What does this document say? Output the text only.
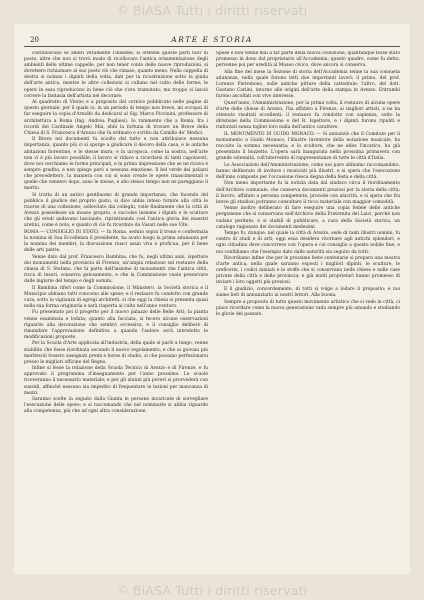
© BiASA Tutti i diritti riservati
20	ARTE E STORIA

costituiscono se alberi veramente l'insieme, si ottenne queste parti fuor di posto, altre che non si trovò modo di ricollocare l'antica ornamentazione degli ambienti delle ultime cappelle, per non tener conto delle nuove riproduzioni, si dovettero richiamare al suo posto ciò che rimase, quanto meno. Nella cappella di destra si notano i dipinti della volta, dati per la ricostruzione sotto la guida dell'arte antica, mentre le altre collezioni si cullano nel culto delle forme; le opere in essa riproducono in bene ciò che s'era tramutato; ma troppo si lasciò correre la fantasia dell'artista nel decorare.

Al quadretto di Vierzo e a proposito del cornice pubblicato nelle pagine di questo giornale, per il quale io, in un periodo di tempo non breve, mi occupai di far eseguire la copia d'Arnolfo da dedicarsi al Sig. Marco Piccinini, professore di architettura a Roma (Ing. Andrea Pugliesi). Io rammento che a Roma, fra i ricordi del Cardinale Angelo Mai, ebbi la fortuna di trovare un Breve della Chiesa di S. Francesco d'Arezzo che fu ordinato e scritto da Camillo de' Medici.

Il Breve nei documenti fu sciolto del tutto e non attribuisce nessuna importanza, quanto più ci si sporge a giudicare il decoro della casa, e le antiche abitazioni fiorentine, e le stesse mura; e in un'epoca, come la nostra, nell'arte non vi è più lavoro possibile; il lavoro si riduce a ricordarsi di tanti capolavori, dove noi cerchiamo le forme principali, e la prima impressione che se ne ricava è sempre gradita, e non spinge però a nessuna emozione. Il bel verde dei palazzi che precedettero, la maniera con cui si sono create le opere rinascimentali e quelle che vennero dopo, sono le stesse, e allo stesso tempo non ne pareggiano il merito.

Si tratta di un antico gentiluomo di grande importanza, che facendo del pubblico il giudice del proprio gusto, si dice abbia inteso fornire alla città le risorse di una collezione; sollecitato dai colleghi, volle finalmente che la città di Arezzo possedesse un museo proprio, e raccolse insieme i dipinti e le sculture che gli eredi andavano lasciando, ripristinando così l'antica gloria dei maestri aretini, come è noto, e quanto di ciò fu ricordato da Vasari nelle sue Vite.

ROMA — CONSIGLIO DI STATO. — In Roma, seduto sopra il trono e confermata la nomina di Sua Eccellenza il presidente, ha avuto luogo la prima adunanza per la nomina dei membri; la discussione riuscì assai viva e proficua, per il bene delle arti patrie.

Venne dato dal prof. Francesco Bambina, che fu, negli ultimi anni, ispettore dei monumenti nella provincia di Firenze, un'ampia relazione sul restauro della chiesa di S. Stefano, che fa parte dell'insieme di monumenti che l'antica città, ricca di tesori, conserva gelosamente, e che la Commissione vuole preservare dalle ingiurie del tempo e degli uomini.

Il Bambina riferì come la Commissione, il Ministero, la Società storica e il Municipio abbiano tutti concorso alle spese; e il restauro fu condotto con grande cura, sotto la vigilanza di egregi architetti, sì che oggi la chiesa si presenta quasi nella sua forma originaria e sarà riaperta al culto nell'anno venturo.

Fu presentato poi il progetto per il nuovo palazzo delle Belle Arti; la pianta venne esaminata e lodata; quanto alla facciata, si fecero alcune osservazioni riguardo alla decorazione che sembrò eccessiva, e il consiglio deliberò di rimandare l'approvazione definitiva a quando l'autore avrà introdotto le modificazioni proposte.

Per la Scuola d'Arte applicata all'industria, della quale si parlò a lungo, venne stabilito che fosse riordinata secondo il nuovo regolamento; e che ai giovani più meritevoli fossero assegnati premi e borse di studio, sì che possano perfezionarsi presso le migliori officine del Regno.

Infine si lesse la relazione della Scuola Tecnica di Arezzo e di Firenze, e fu approvato il programma d'insegnamento per l'anno prossimo. Le scuole riceveranno il necessario materiale; e per gli alunni più poveri si provvederà con sussidi, affinché nessuno sia impedito di frequentare le lezioni per mancanza di mezzi.

Saranno scelte in seguito dalla Giunta le persone incaricate di sorvegliare l'esecuzione delle opere; e si raccomandò che nel nominarle si abbia riguardo alla competenza, più che ad ogni altra considerazione.

Spese e non venne mai a far parte della nuova collezione, quantunque fosse stato promesso in dono dal proprietario all'Accademia; questo quadro, come fu detto, pervenne poi per eredità al Museo civico, dove ancora si conserva.

Alla fine del mese la Sezione di storia dell'Accademia tenne la sua consueta adunanza, nella quale furono letti due importanti lavori: il primo, del prof. Lorenzo Pietrobono, sulle antiche pitture della cattedrale; l'altro, del dott. Gaetano Carlini, intorno alle origini dell'arte della stampa in Arezzo. Entrambi furono ascoltati con vivo interesse.

Quest'anno, l'Amministrazione, per la prima volta, il restauro di alcune opere d'arte delle chiese di Arezzo, l'ha affidato a Firenze, ai migliori artisti, e ne ha ottenuto risultati eccellenti; il restauro fu condotto con sapienza, sotto la direzione della Commissione e del R. Ispettore, e i dipinti furono ripuliti e rinforzati senza toglier loro nulla dell'antico carattere.

IL MONUMENTO DI GUIDO MONACO. — Si annunziò che il Comitato per il monumento a Guido Monaco, l'illustre inventore della notazione musicale, ha raccolto la somma necessaria; e lo scultore, che ne ebbe l'incarico, ha già presentato il bozzetto. L'opera sarà inaugurata nella prossima primavera con grande solennità, coll'intervento di rappresentanze di tutte le città d'Italia.

Le Associazioni dell'Amministrazione, come noi pure abbiamo raccomandato, hanno deliberato di invitare i musicisti più illustri, e si spera che l'esecuzione dell'inno composto per l'occasione riesca degna della festa e della città.

Non meno importante fu la notizia data dal sindaco circa il riordinamento dell'Archivio comunale, che conserva documenti preziosi per la storia della città; il lavoro, affidato a persona competente, procede con alacrità, e si spera che fra breve gli studiosi potranno consultare il ricco materiale con maggior comodità.

Venne inoltre deliberato di fare eseguire una copia fedele delle antiche pergamene che si conservano nell'Archivio della Fraternita dei Laici, perché non vadano perdute; e si stabilì di pubblicare, a cura della Società storica, un catalogo ragionato dei documenti medesimi.

Tempo fu, dunque, nel quale la città di Arezzo, sede di tanti illustri uomini, fu centro di studi e di arti; oggi essa desidera ritornare agli antichi splendori, e ogni cittadino deve concorrere con l'opera e col consiglio a questo nobile fine; e noi confidiamo che l'esempio dato dalle autorità sia seguito da tutti.

Ricordiamo infine che per le prossime feste centenarie si prepara una mostra d'arte antica, nella quale saranno esposti i migliori dipinti, le sculture, le oreficerie, i codici miniati e le stoffe che si conservano nelle chiese e nelle case private della città e della provincia; e già molti proprietari hanno promesso di inviare i loro oggetti più preziosi.

E il giudizio, concordemente, di tutti si volge a lodare il proposito; e noi siamo lieti di annunziarlo ai nostri lettori. Alla buona.

Sempre a proposito di tutto questo movimento artistico che si vede in città, ci piace ricordare come la nuova generazione vada sempre più amando e studiando le glorie del passato.

© BiASA Tutti i diritti riservati
